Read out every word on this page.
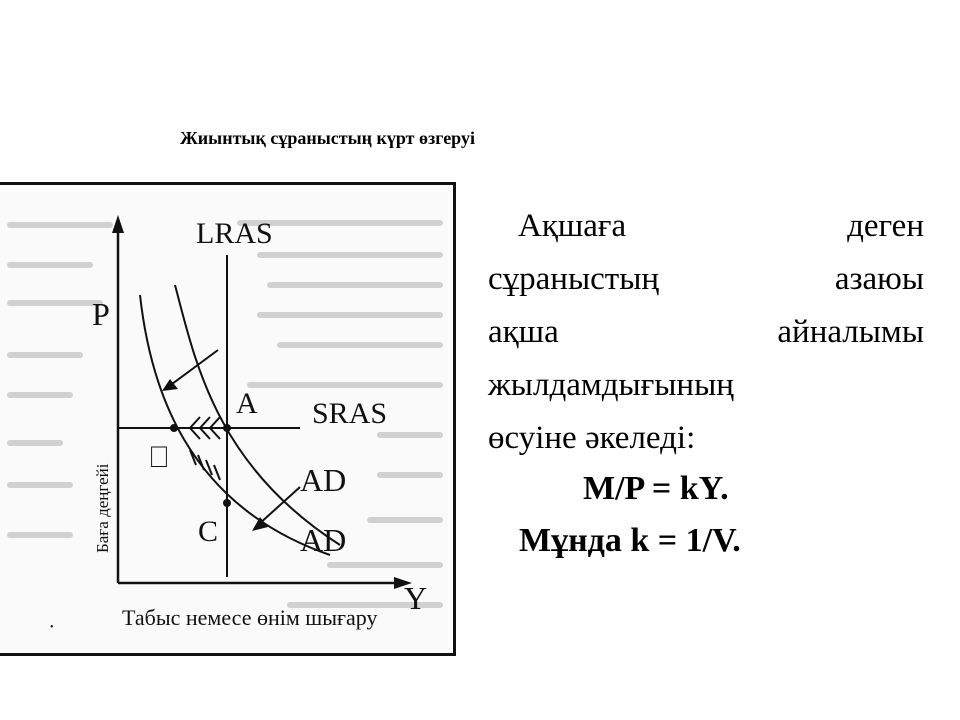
Жиынтық сұраныстың күрт өзгеруі
LRAS
P
A SRAS
AD
AD
C
Y
⎕
Баға деңгейі
Табыс немесе өнім шығару
•
Ақшаға	деген
сұраныстың	азаюы
ақша	айналымы
жылдамдығының
өсуіне әкеледі:
M/P = kY.
Мұнда k = 1/V.
